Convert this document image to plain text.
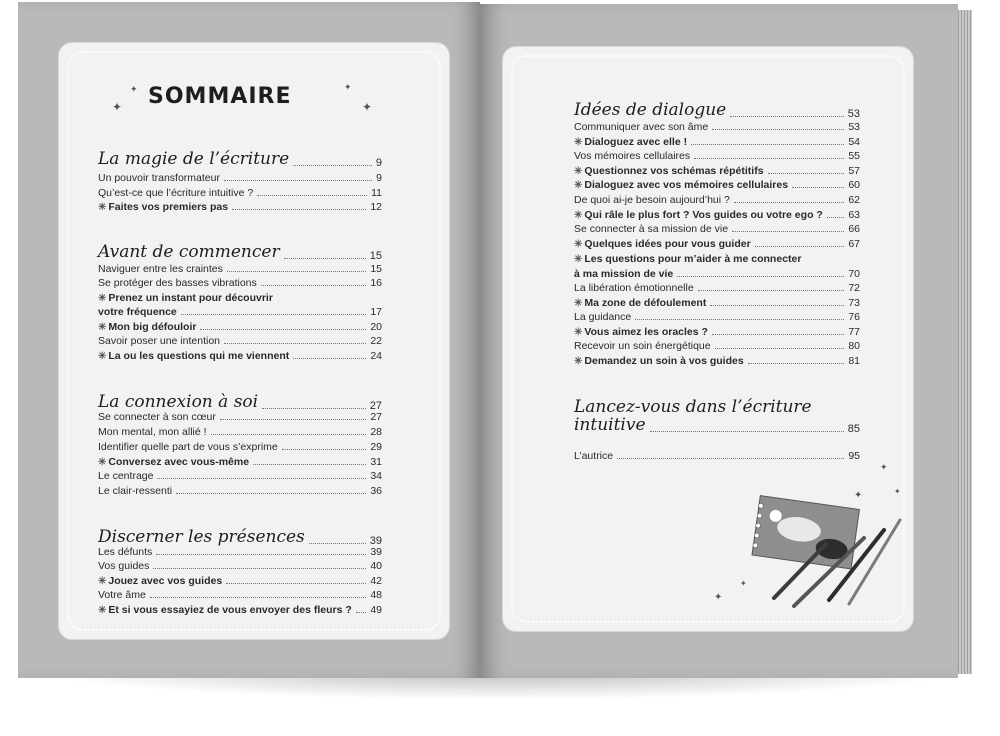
SOMMAIRE
✦
✦	✦
✦
La magie de l’écriture	9
Un pouvoir transformateur	9
Qu’est-ce que l’écriture intuitive ?	11
✳ Faites vos premiers pas	12
Avant de commencer	15
Naviguer entre les craintes	15
Se protéger des basses vibrations	16
✳ Prenez un instant pour découvrir
votre fréquence	17
✳ Mon big défouloir	20
Savoir poser une intention	22
✳ La ou les questions qui me viennent	24
La connexion à soi	27
Se connecter à son cœur	27
Mon mental, mon allié !	28
Identifier quelle part de vous s’exprime	29
✳ Conversez avec vous-même	31
Le centrage	34
Le clair-ressenti	36
Discerner les présences	39
Les défunts	39
Vos guides	40
✳ Jouez avec vos guides	42
Votre âme	48
✳ Et si vous essayiez de vous envoyer des fleurs ? 49
Idées de dialogue	53
Communiquer avec son âme	53
✳ Dialoguez avec elle !	54
Vos mémoires cellulaires	55
✳ Questionnez vos schémas répétitifs	57
✳ Dialoguez avec vos mémoires cellulaires	60
De quoi ai-je besoin aujourd’hui ?	62
✳ Qui râle le plus fort ? Vos guides ou votre ego ? 63
Se connecter à sa mission de vie	66
✳ Quelques idées pour vous guider	67
✳ Les questions pour m’aider à me connecter
à ma mission de vie	70
La libération émotionnelle	72
✳ Ma zone de défoulement	73
La guidance	76
✳ Vous aimez les oracles ?	77
Recevoir un soin énergétique	80
✳ Demandez un soin à vos guides	81
Lancez-vous dans l’écriture
intuitive	85
L’autrice	95
✦	✦
✦
✦
✦
